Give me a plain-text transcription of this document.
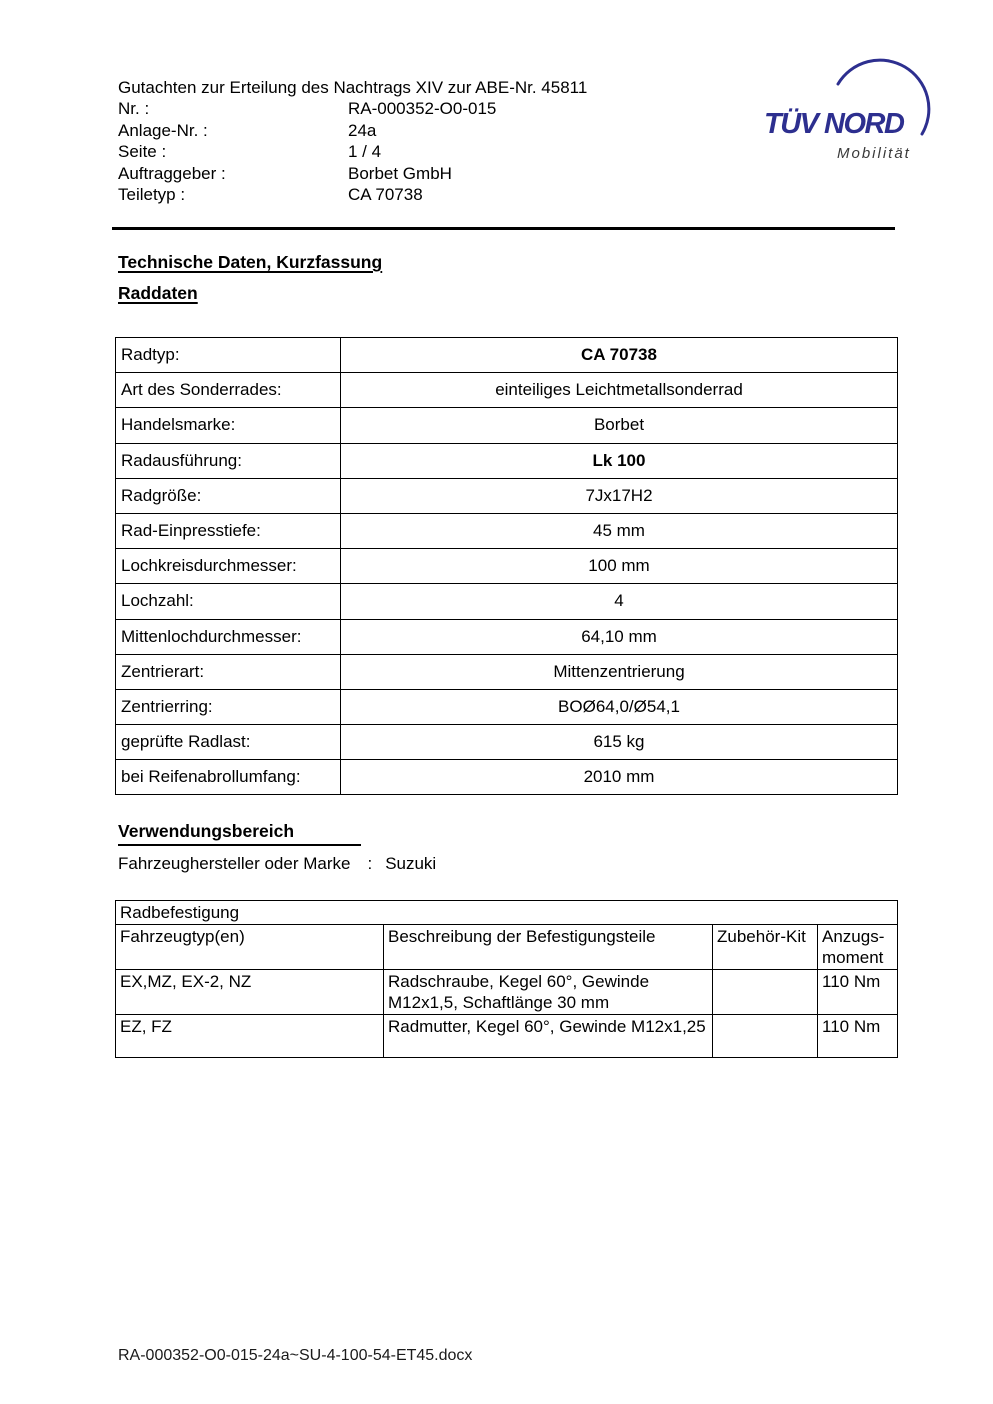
Gutachten zur Erteilung des Nachtrags XIV zur ABE-Nr. 45811
Nr. :	RA-000352-O0-015
Anlage-Nr. :	24a
Seite :	1 / 4
Auftraggeber :	Borbet GmbH
Teiletyp :	CA 70738
TÜV NORD
Mobilität
Technische Daten, Kurzfassung
Raddaten
Radtyp:	CA 70738
Art des Sonderrades:	einteiliges Leichtmetallsonderrad
Handelsmarke:	Borbet
Radausführung:	Lk 100
Radgröße:	7Jx17H2
Rad-Einpresstiefe:	45 mm
Lochkreisdurchmesser:	100 mm
Lochzahl:	4
Mittenlochdurchmesser:	64,10 mm
Zentrierart:	Mittenzentrierung
Zentrierring:	BOØ64,0/Ø54,1
geprüfte Radlast:	615 kg
bei Reifenabrollumfang:	2010 mm
Verwendungsbereich
Fahrzeughersteller oder Marke : Suzuki
Radbefestigung			
Fahrzeugtyp(en)	Beschreibung der Befestigungsteile	Zubehör-Kit	Anzugs-moment
EX,MZ, EX-2, NZ	Radschraube, Kegel 60°, Gewinde M12x1,5, Schaftlänge 30 mm		110 Nm
EZ, FZ	Radmutter, Kegel 60°, Gewinde M12x1,25		110 Nm
RA-000352-O0-015-24a~SU-4-100-54-ET45.docx
